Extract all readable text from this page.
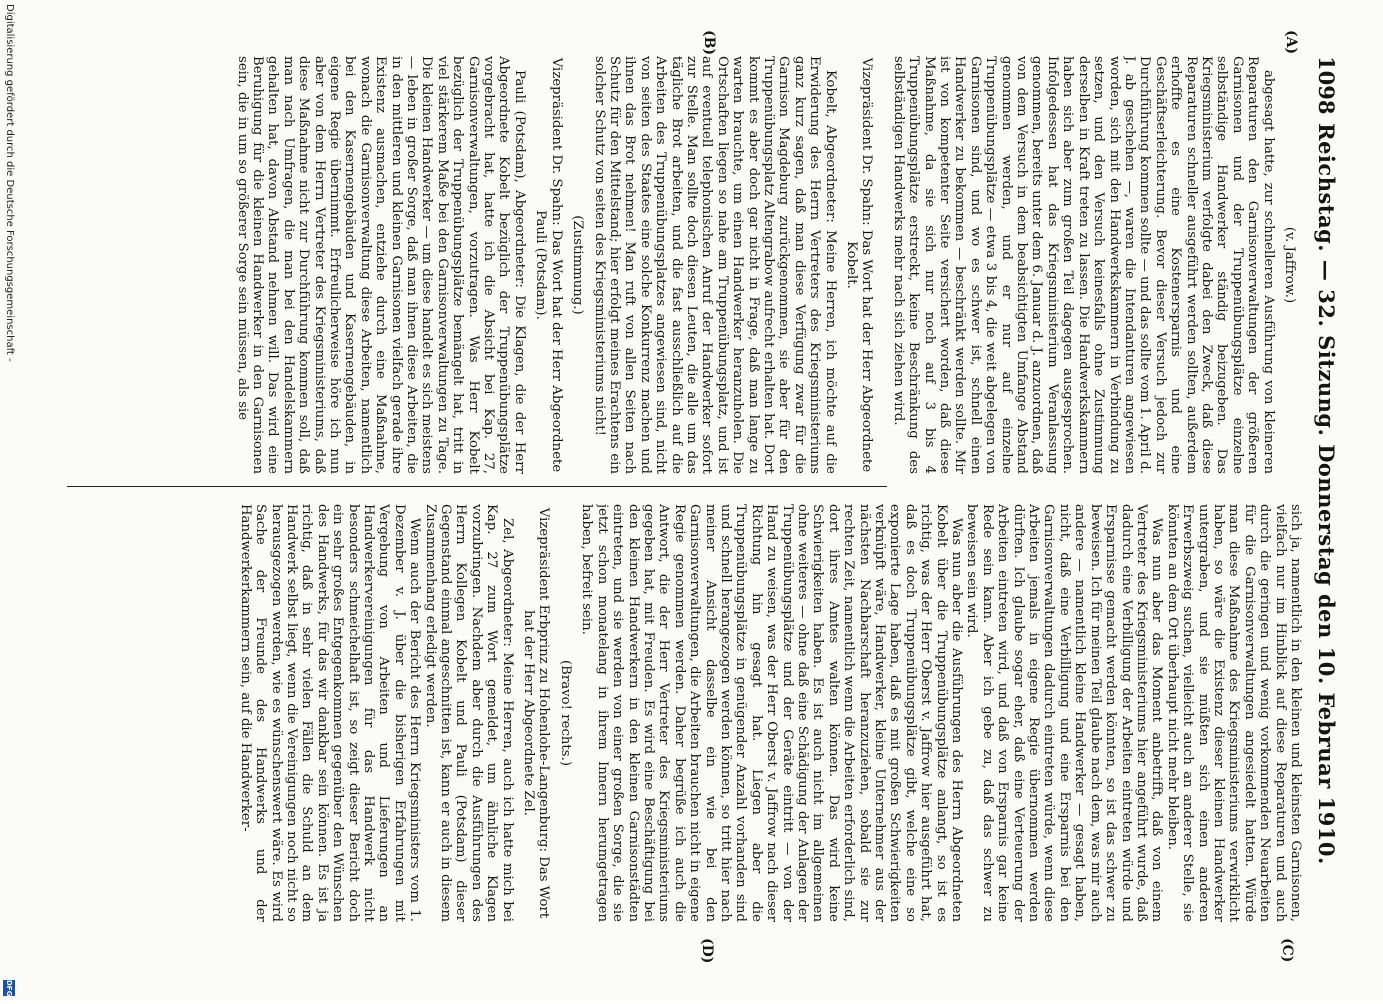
1098
Reichstag. — 32. Sitzung. Donnerstag den 10. Februar 1910.
(A)
(B)
(C)
(D)

(v. Jaffrow.)

abgesagt hatte, zur schnelleren Ausführung von kleineren Reparaturen den Garnisonverwaltungen der größeren Garnisonen und der Truppenübungsplätze einzelne selbständige Handwerker ständig beizugeben. Das Kriegsministerium verfolgte dabei den Zweck, daß diese Reparaturen schneller ausgeführt werden sollten, außerdem erhoffte es eine Kostenersparnis und eine Geschäftserleichterung. Bevor dieser Versuch jedoch zur Durchführung kommen sollte — und das sollte vom 1. April d. J. ab geschehen —, waren die Intendanturen angewiesen worden, sich mit den Handwerkskammern in Verbindung zu setzen, und den Versuch keinesfalls ohne Zustimmung derselben in Kraft treten zu lassen. Die Handwerkskammern haben sich aber zum großen Teil dagegen ausgesprochen. Infolgedessen hat das Kriegsministerium Veranlassung genommen, bereits unter dem 6. Januar d. J. anzuordnen, daß von dem Versuch in dem beabsichtigten Umfange Abstand genommen werden, und er nur auf einzelne Truppenübungsplätze — etwa 3 bis 4, die weit abgelegen von Garnisonen sind, und wo es schwer ist, schnell einen Handwerker zu bekommen — beschränkt werden sollte. Mir ist von kompetenter Seite versichert worden, daß diese Maßnahme, da sie sich nur noch auf 3 bis 4 Truppenübungsplätze erstreckt, keine Beschränkung des selbständigen Handwerks mehr nach sich ziehen wird.

Vizepräsident Dr. Spahn: Das Wort hat der Herr Abgeordnete Kobelt.

Kobelt, Abgeordneter: Meine Herren, ich möchte auf die Erwiderung des Herrn Vertreters des Kriegsministeriums ganz kurz sagen, daß man diese Verfügung zwar für die Garnison Magdeburg zurückgenommen, sie aber für den Truppenübungsplatz Altengrabow aufrecht erhalten hat. Dort kommt es aber doch gar nicht in Frage, daß man lange zu warten brauchte, um einen Handwerker heranzuholen. Die Ortschaften liegen so nahe am Truppenübungsplatz, und ist auf eventuell telephonischen Anruf der Handwerker sofort zur Stelle. Man sollte doch diesen Leuten, die alle um das tägliche Brot arbeiten, und die fast ausschließlich auf die Arbeiten des Truppenübungsplatzes angewiesen sind, nicht von seiten des Staates eine solche Konkurrenz machen und ihnen das Brot nehmen! Man ruft von allen Seiten nach Schutz für den Mittelstand; hier erfolgt meines Erachtens ein solcher Schutz von seiten des Kriegsministeriums nicht!

(Zustimmung.)

Vizepräsident Dr. Spahn: Das Wort hat der Herr Abgeordnete Pauli (Potsdam).

Pauli (Potsdam), Abgeordneter: Die Klagen, die der Herr Abgeordnete Kobelt bezüglich der Truppenübungsplätze vorgebracht hat, hatte ich die Absicht bei Kap. 27, Garnisonverwaltungen, vorzutragen. Was Herr Kobelt bezüglich der Truppenübungsplätze bemängelt hat, tritt in viel stärkerem Maße bei den Garnisonverwaltungen zu Tage. Die kleinen Handwerker — um diese handelt es sich meistens — leben in großer Sorge, daß man ihnen diese Arbeiten, die in den mittleren und kleinen Garnisonen vielfach gerade ihre Existenz ausmachen, entziehe durch eine Maßnahme, wonach die Garnisonverwaltung diese Arbeiten, namentlich bei den Kasernengebäuden und Kasernengebäuden, in eigene Regie übernimmt. Erfreulicherweise höre ich nun aber von dem Herrn Vertreter des Kriegsministeriums, daß diese Maßnahme nicht zur Durchführung kommen soll, daß man nach Umfragen, die man bei den Handelskammern gehalten hat, davon Abstand nehmen will. Das wird eine Beruhigung für die kleinen Handwerker in den Garnisonen sein, die in um so größerer Sorge sein müssen, als sie

sich ja, namentlich in den kleinen und kleinsten Garnisonen, vielfach nur im Hinblick auf diese Reparaturen und auch durch die geringen und wenig vorkommenden Neuarbeiten für die Garnisonverwaltungen angesiedelt hatten. Würde man diese Maßnahme des Kriegsministeriums verwirklicht haben, so wäre die Existenz dieser kleinen Handwerker untergraben, und sie müßten sich einen anderen Erwerbszweig suchen, vielleicht auch an anderer Stelle, sie könnten an dem Ort überhaupt nicht mehr bleiben.

Was nun aber das Moment anbetrifft, daß von einem Vertreter des Kriegsministeriums hier angeführt wurde, daß dadurch eine Verbilligung der Arbeiten eintreten würde und Ersparnisse gemacht werden könnten, so ist das schwer zu beweisen. Ich für meinen Teil glaube nach dem, was mir auch andere — namentlich kleine Handwerker — gesagt haben, nicht, daß eine Verbilligung und eine Ersparnis bei den Garnisonverwaltungen dadurch eintreten würde, wenn diese Arbeiten jemals in eigene Regie übernommen werden dürften. Ich glaube sogar eher, daß eine Verteuerung der Arbeiten eintreten wird, und daß von Ersparnis gar keine Rede sein kann. Aber ich gebe zu, daß das schwer zu beweisen sein wird.

Was nun aber die Ausführungen des Herrn Abgeordneten Kobelt über die Truppenübungsplätze anlangt, so ist es richtig, was der Herr Oberst v. Jaffrow hier ausgeführt hat, daß es doch Truppenübungsplätze gibt, welche eine so exponierte Lage haben, daß es mit großen Schwierigkeiten verknüpft wäre, Handwerker, kleine Unternehmer aus der nächsten Nachbarschaft heranzuziehen, sobald sie zur rechten Zeit, namentlich wenn die Arbeiten erforderlich sind, dort ihres Amtes walten können. Das wird keine Schwierigkeiten haben. Es ist auch nicht im allgemeinen ohne weiteres — ohne daß eine Schädigung der Anlagen der Truppenübungsplätze und der Geräte eintritt — von der Hand zu weisen, was der Herr Oberst v. Jaffrow nach dieser Richtung hin gesagt hat. Liegen aber die Truppenübungsplätze in genügender Anzahl vorhanden sind und schnell herangezogen werden können, so tritt hier nach meiner Ansicht dasselbe ein wie bei den Garnisonverwaltungen, die Arbeiten brauchen nicht in eigene Regie genommen werden. Daher begrüße ich auch die Antwort, die der Herr Vertreter des Kriegsministeriums gegeben hat, mit Freuden. Es wird eine Beschäftigung bei den kleinen Handwerkern in den kleinen Garnisonstädten eintreten, und sie werden von einer großen Sorge, die sie jetzt schon monatelang in ihrem Innern herumgetragen haben, befreit sein.

(Bravo! rechts.)

Vizepräsident Erbprinz zu Hohenlohe-Langenburg: Das Wort hat der Herr Abgeordnete Zel.

Zel, Abgeordneter: Meine Herren, auch ich hatte mich bei Kap. 27 zum Wort gemeldet, um ähnliche Klagen vorzubringen. Nachdem aber durch die Ausführungen des Herrn Kollegen Kobelt und Pauli (Potsdam) dieser Gegenstand einmal angeschnitten ist, kann er auch in diesem Zusammenhang erledigt werden.

Wenn auch der Bericht des Herrn Kriegsministers vom 1. Dezember v. J. über die bisherigen Erfahrungen mit Vergebung von Arbeiten und Lieferungen an Handwerkervereinigungen für das Handwerk nicht besonders schmeichelhaft ist, so zeigt dieser Bericht doch ein sehr großes Entgegenkommen gegenüber den Wünschen des Handwerks, für das wir dankbar sein können. Es ist ja richtig, daß in sehr vielen Fällen die Schuld an dem Handwerk selbst liegt, wenn die Vereinigungen noch nicht so herausgezogen werden, wie es wünschenswert wäre. Es wird Sache der Freunde des Handwerks und der Handwerkerkammern sein, auf die Handwerker-

Digitalisierung gefördert durch die Deutsche Forschungsgemeinschaft -
DFG
